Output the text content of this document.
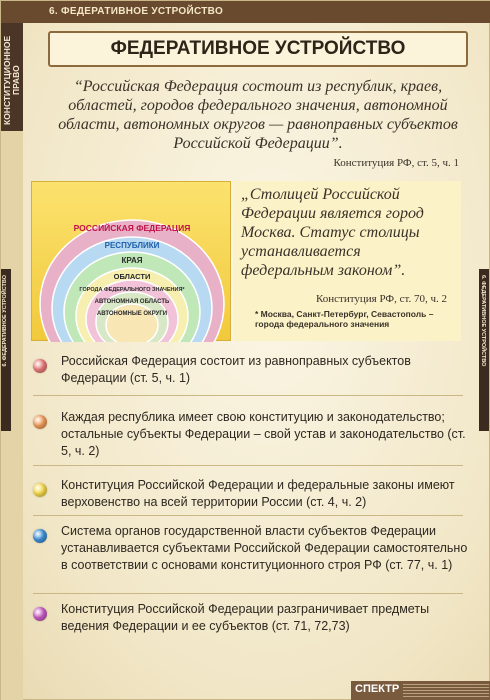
6. ФЕДЕРАТИВНОЕ УСТРОЙСТВО
КОНСТИТУЦИОННОЕ ПРАВО
6. ФЕДЕРАТИВНОЕ УСТРОЙСТВО	6. ФЕДЕРАТИВНОЕ УСТРОЙСТВО
ФЕДЕРАТИВНОЕ УСТРОЙСТВО
“Российская Федерация состоит из республик, краев, областей, городов федерального значения, автономной области, автономных округов — равноправных субъектов Российской Федерации”.
Конституция РФ, ст. 5, ч. 1
РОССИЙСКАЯ ФЕДЕРАЦИЯ
РЕСПУБЛИКИ
КРАЯ
ОБЛАСТИ
ГОРОДА ФЕДЕРАЛЬНОГО ЗНАЧЕНИЯ*
АВТОНОМНАЯ ОБЛАСТЬ
АВТОНОМНЫЕ ОКРУГИ
„Столицей Российской Федерации является город Москва. Статус столицы устанавливается федеральным законом”.
Конституция РФ, ст. 70, ч. 2
* Москва, Санкт-Петербург, Севастополь – города федерального значения
Российская Федерация состоит из равноправных субъектов Федерации (ст. 5, ч. 1)
Каждая республика имеет свою конституцию и законодательство; остальные субъекты Федерации – свой устав и законодательство (ст. 5, ч. 2)
Конституция Российской Федерации и федеральные законы имеют верховенство на всей территории России (ст. 4, ч. 2)
Система органов государственной власти субъектов Федерации устанавливается субъектами Российской Федерации самостоятельно в соответствии с основами конституционного строя РФ (ст. 77, ч. 1)
Конституция Российской Федерации разграничивает предметы ведения Федерации и ее субъектов (ст. 71, 72,73)
СПЕКТР
